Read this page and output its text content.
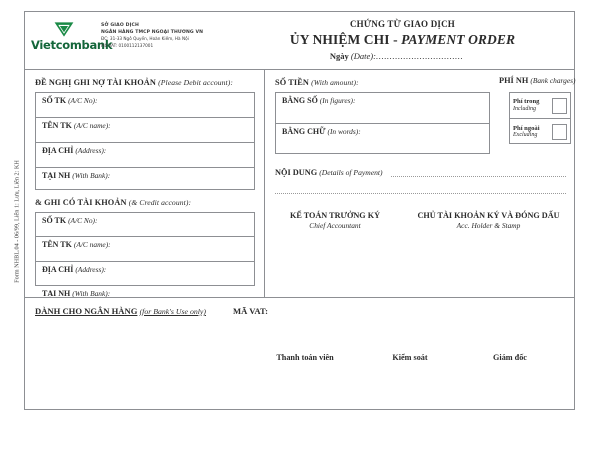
Form NHBL.04 - 06/99, Liên 1: Lưu, Liên 2: KH
Vietcombank
SỞ GIAO DỊCH
NGÂN HÀNG TMCP NGOẠI THƯƠNG VN
ĐC: 31-33 Ngô Quyền, Hoàn Kiếm, Hà Nội
Mã VAT: 0100112137001
CHỨNG TỪ GIAO DỊCH
ỦY NHIỆM CHI - PAYMENT ORDER
Ngày (Date):................................
ĐỀ NGHỊ GHI NỢ TÀI KHOẢN (Please Debit account):
SỐ TK (A/C No):
TÊN TK (A/C name):
ĐỊA CHỈ (Address):
TẠI NH (With Bank):
& GHI CÓ TÀI KHOẢN (& Credit account):
SỐ TK (A/C No):
TÊN TK (A/C name):
ĐỊA CHỈ (Address):
TẠI NH (With Bank):
SỐ TIỀN (With amount):
BẰNG SỐ (In figures):
BẰNG CHỮ (In words):
PHÍ NH (Bank charges)
Phí trong
Including
Phí ngoài
Excluding
NỘI DUNG (Details of Payment)
KẾ TOÁN TRƯỞNG KÝ
Chief Accountant
CHỦ TÀI KHOẢN KÝ VÀ ĐÓNG DẤU
Acc. Holder & Stamp
DÀNH CHO NGÂN HÀNG (for Bank's Use only)	MÃ VAT:
Thanh toán viên	Kiểm soát	Giám đốc
